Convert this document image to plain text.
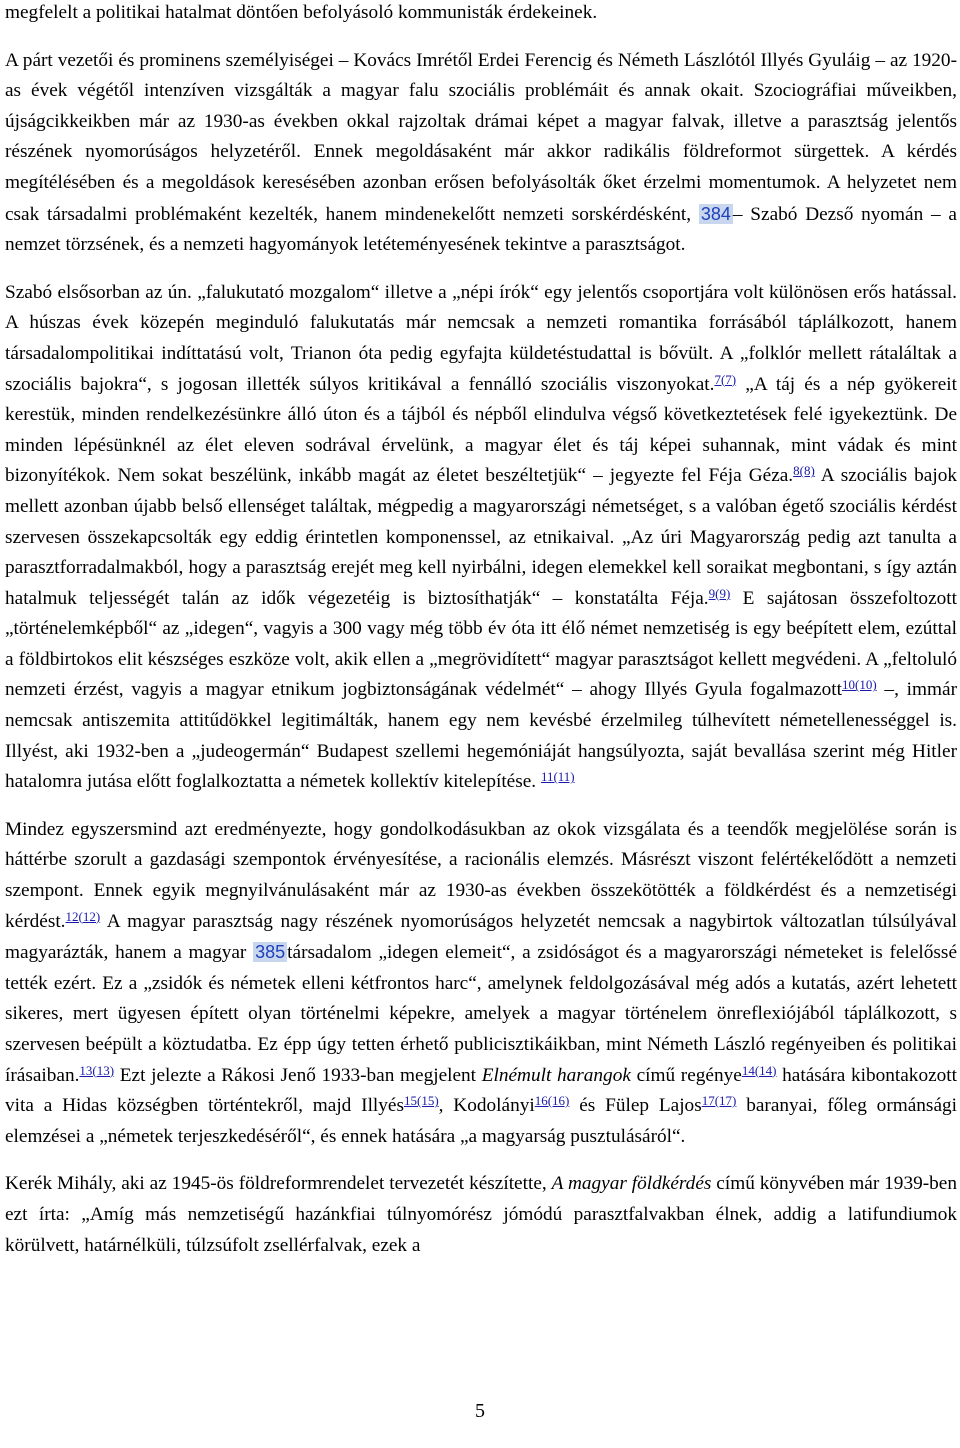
megfelelt a politikai hatalmat döntően befolyásoló kommunisták érdekeinek.

A párt vezetői és prominens személyiségei – Kovács Imrétől Erdei Ferencig és Németh Lászlótól Illyés Gyuláig – az 1920-as évek végétől intenzíven vizsgálták a magyar falu szociális problémáit és annak okait. Szociográfiai műveikben, újságcikkeikben már az 1930-as években okkal rajzoltak drámai képet a magyar falvak, illetve a parasztság jelentős részének nyomorúságos helyzetéről. Ennek megoldásaként már akkor radikális földreformot sürgettek. A kérdés megítélésében és a megoldások keresésében azonban erősen befolyásolták őket érzelmi momentumok. A helyzetet nem csak társadalmi problémaként kezelték, hanem mindenekelőtt nemzeti sorskérdésként, 384 – Szabó Dezső nyomán – a nemzet törzsének, és a nemzeti hagyományok letéteményesének tekintve a parasztságot.

Szabó elsősorban az ún. „falukutató mozgalom“ illetve a „népi írók“ egy jelentős csoportjára volt különösen erős hatással. A húszas évek közepén meginduló falukutatás már nemcsak a nemzeti romantika forrásából táplálkozott, hanem társadalompolitikai indíttatású volt, Trianon óta pedig egyfajta küldetéstudattal is bővült. A „folklór mellett rátaláltak a szociális bajokra“, s jogosan illették súlyos kritikával a fennálló szociális viszonyokat.$^{7(7)}$ „A táj és a nép gyökereit kerestük, minden rendelkezésünkre álló úton és a tájból és népből elindulva végső következtetések felé igyekeztünk. De minden lépésünknél az élet eleven sodrával érvelünk, a magyar élet és táj képei suhannak, mint vádak és mint bizonyítékok. Nem sokat beszélünk, inkább magát az életet beszéltetjük“ – jegyezte fel Féja Géza.$^{8(8)}$ A szociális bajok mellett azonban újabb belső ellenséget találtak, mégpedig a magyarországi németséget, s a valóban égető szociális kérdést szervesen összekapcsolták egy eddig érintetlen komponenssel, az etnikaival. „Az úri Magyarország pedig azt tanulta a parasztforradalmakból, hogy a parasztság erejét meg kell nyirbálni, idegen elemekkel kell soraikat megbontani, s így aztán hatalmuk teljességét talán az idők végezetéig is biztosíthatják“ – konstatálta Féja.$^{9(9)}$ E sajátosan összefoltozott „történelemképből“ az „idegen“, vagyis a 300 vagy még több év óta itt élő német nemzetiség is egy beépített elem, ezúttal a földbirtokos elit készséges eszköze volt, akik ellen a „megrövidített“ magyar parasztságot kellett megvédeni. A „feltoluló nemzeti érzést, vagyis a magyar etnikum jogbiztonságának védelmét“ – ahogy Illyés Gyula fogalmazott$^{10(10)}$ –, immár nemcsak antiszemita attitűdökkel legitimálták, hanem egy nem kevésbé érzelmileg túlhevített németellenességgel is. Illyést, aki 1932-ben a „judeogermán“ Budapest szellemi hegemóniáját hangsúlyozta, saját bevallása szerint még Hitler hatalomra jutása előtt foglalkoztatta a németek kollektív kitelepítése. $^{11(11)}$

Mindez egyszersmind azt eredményezte, hogy gondolkodásukban az okok vizsgálata és a teendők megjelölése során is háttérbe szorult a gazdasági szempontok érvényesítése, a racionális elemzés. Másrészt viszont felértékelődött a nemzeti szempont. Ennek egyik megnyilvánulásaként már az 1930-as években összekötötték a földkérdést és a nemzetiségi kérdést.$^{12(12)}$ A magyar parasztság nagy részének nyomorúságos helyzetét nemcsak a nagybirtok változatlan túlsúlyával magyarázták, hanem a magyar 385 társadalom „idegen elemeit“, a zsidóságot és a magyarországi németeket is felelőssé tették ezért. Ez a „zsidók és németek elleni kétfrontos harc“, amelynek feldolgozásával még adós a kutatás, azért lehetett sikeres, mert ügyesen épített olyan történelmi képekre, amelyek a magyar történelem önreflexiójából táplálkozott, s szervesen beépült a köztudatba. Ez épp úgy tetten érhető publicisztikáikban, mint Németh László regényeiben és politikai írásaiban.$^{13(13)}$ Ezt jelezte a Rákosi Jenő 1933-ban megjelent Elnémult harangok című regénye$^{14(14)}$ hatására kibontakozott vita a Hidas községben történtekről, majd Illyés$^{15(15)}$, Kodolányi$^{16(16)}$ és Fülep Lajos$^{17(17)}$ baranyai, főleg ormánsági elemzései a „németek terjeszkedéséről“, és ennek hatására „a magyarság pusztulásáról“.

Kerék Mihály, aki az 1945-ös földreformrendelet tervezetét készítette, A magyar földkérdés című könyvében már 1939-ben ezt írta: „Amíg más nemzetiségű hazánkfiai túlnyomórész jómódú parasztfalvakban élnek, addig a latifundiumok körülvett, határnélküli, túlzsúfolt zsellérfalvak, ezek a

5
